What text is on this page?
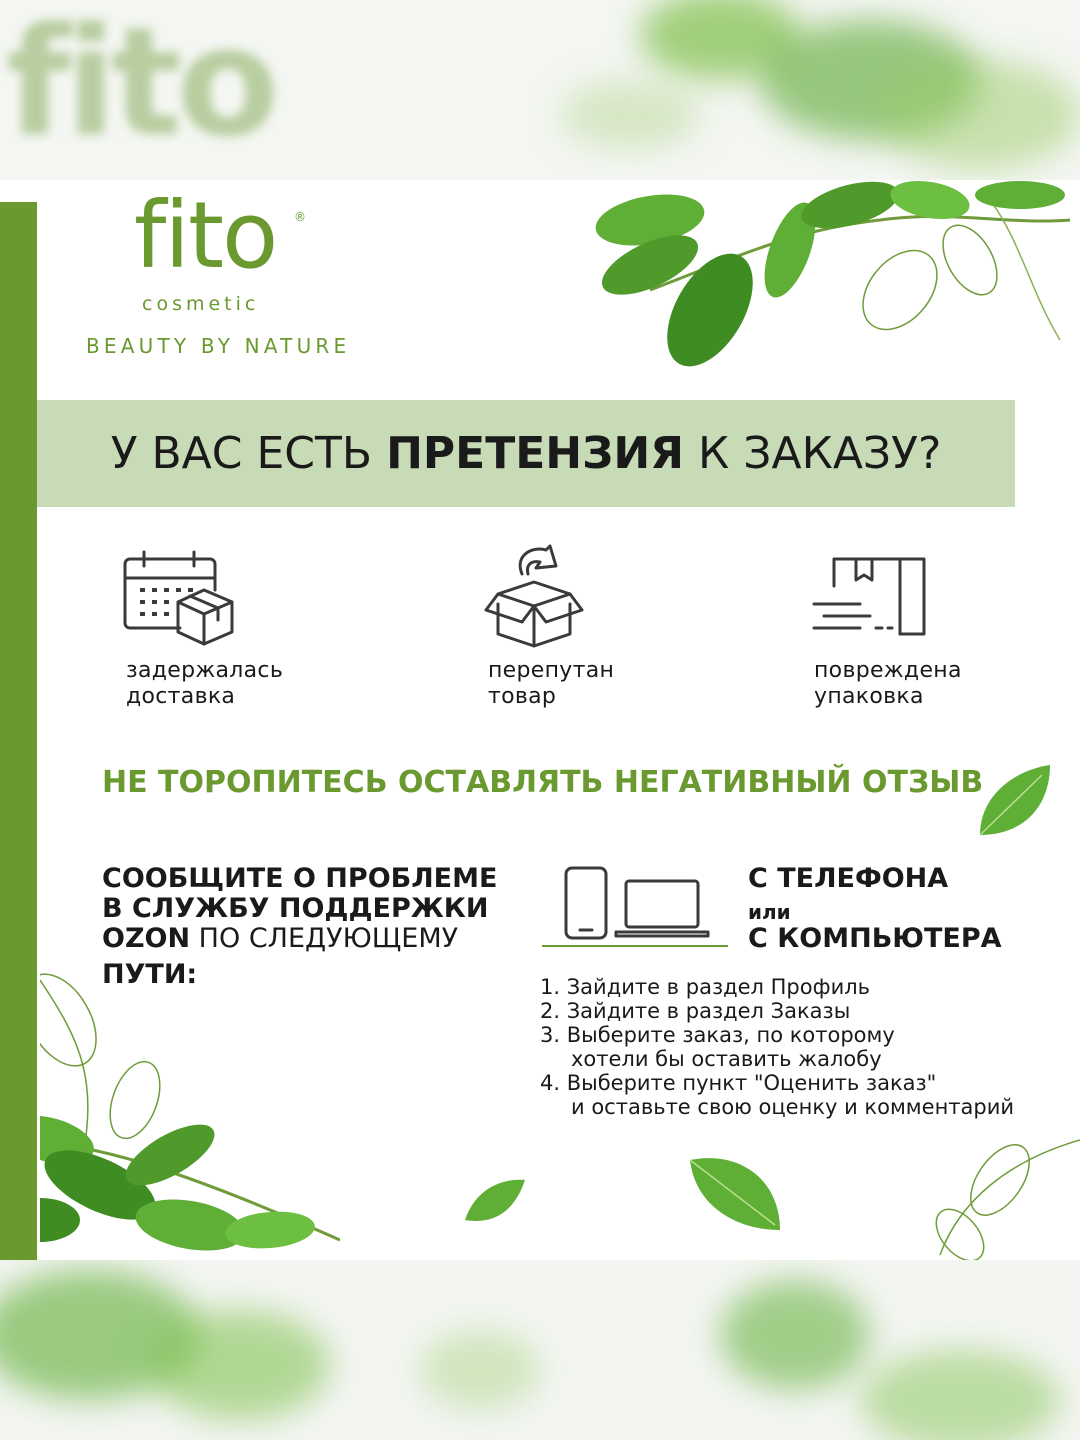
fito
fito ®
cosmetic
BEAUTY BY NATURE
У ВАС ЕСТЬ ПРЕТЕНЗИЯ К ЗАКАЗУ?
задержалась
доставка
перепутан
товар
повреждена
упаковка
НЕ ТОРОПИТЕСЬ ОСТАВЛЯТЬ НЕГАТИВНЫЙ ОТЗЫВ
СООБЩИТЕ О ПРОБЛЕМЕ
В СЛУЖБУ ПОДДЕРЖКИ
OZON ПО СЛЕДУЮЩЕМУ
ПУТИ:
С ТЕЛЕФОНА
или
С КОМПЬЮТЕРА
1. Зайдите в раздел Профиль
2. Зайдите в раздел Заказы
3. Выберите заказ, по которому
хотели бы оставить жалобу
4. Выберите пункт "Оценить заказ"
и оставьте свою оценку и комментарий
